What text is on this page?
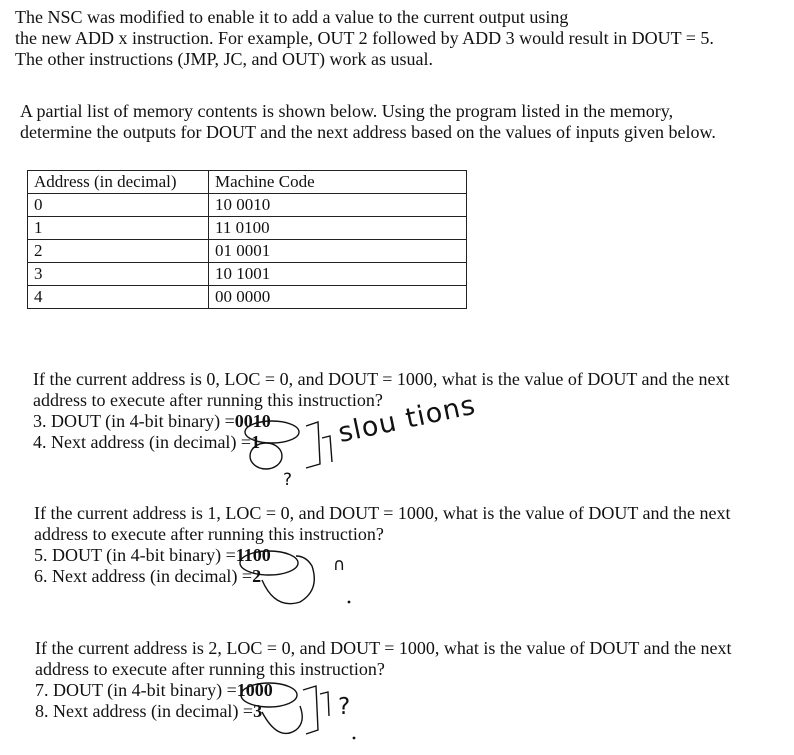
The NSC was modified to enable it to add a value to the current output using
the new ADD x instruction. For example, OUT 2 followed by ADD 3 would result in DOUT = 5.
The other instructions (JMP, JC, and OUT) work as usual.
A partial list of memory contents is shown below. Using the program listed in the memory,
determine the outputs for DOUT and the next address based on the values of inputs given below.
Address (in decimal)	Machine Code
0	10 0010
1	11 0100
2	01 0001
3	10 1001
4	00 0000
If the current address is 0, LOC = 0, and DOUT = 1000, what is the value of DOUT and the next
address to execute after running this instruction?
3. DOUT (in 4-bit binary) =0010
4. Next address (in decimal) =1
If the current address is 1, LOC = 0, and DOUT = 1000, what is the value of DOUT and the next
address to execute after running this instruction?
5. DOUT (in 4-bit binary) =1100
6. Next address (in decimal) =2
If the current address is 2, LOC = 0, and DOUT = 1000, what is the value of DOUT and the next
address to execute after running this instruction?
7. DOUT (in 4-bit binary) =1000
8. Next address (in decimal) =3
slou tions
?
∩
?
